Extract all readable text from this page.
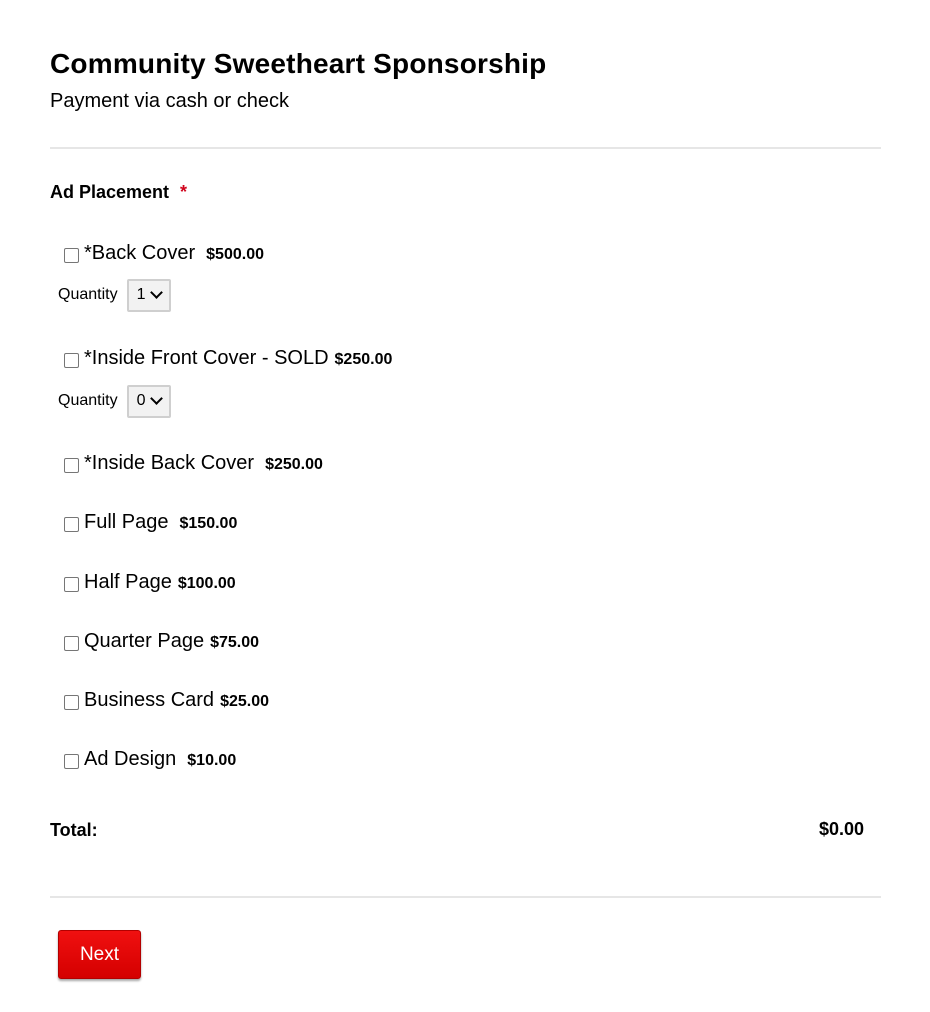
Community Sweetheart Sponsorship
Payment via cash or check
Ad Placement *
*Back Cover $500.00
Quantity 1
*Inside Front Cover - SOLD $250.00
Quantity 0
*Inside Back Cover $250.00
Full Page $150.00
Half Page $100.00
Quarter Page $75.00
Business Card $25.00
Ad Design $10.00
Total:	$0.00
Next
